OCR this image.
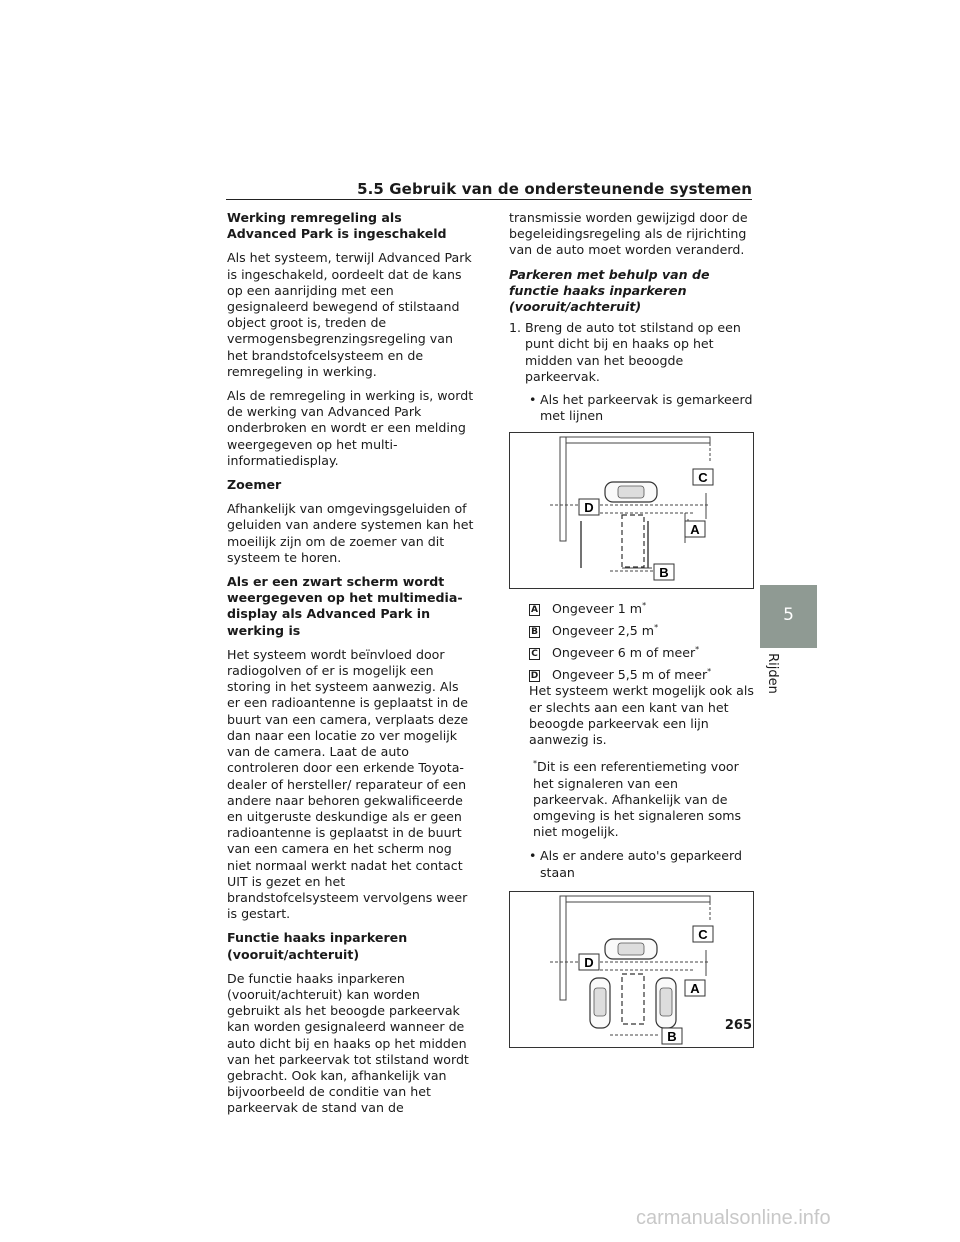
5.5 Gebruik van de ondersteunende systemen
Werking remregeling als Advanced Park is ingeschakeld

Als het systeem, terwijl Advanced Park is ingeschakeld, oordeelt dat de kans op een aanrijding met een gesignaleerd bewegend of stilstaand object groot is, treden de vermogensbegrenzingsregeling van het brandstofcelsysteem en de remregeling in werking.

Als de remregeling in werking is, wordt de werking van Advanced Park onderbroken en wordt er een melding weergegeven op het multi-informatiedisplay.

Zoemer

Afhankelijk van omgevingsgeluiden of geluiden van andere systemen kan het moeilijk zijn om de zoemer van dit systeem te horen.

Als er een zwart scherm wordt weergegeven op het multimedia-display als Advanced Park in werking is

Het systeem wordt beïnvloed door radiogolven of er is mogelijk een storing in het systeem aanwezig. Als er een radioantenne is geplaatst in de buurt van een camera, verplaats deze dan naar een locatie zo ver mogelijk van de camera. Laat de auto controleren door een erkende Toyota-dealer of hersteller/ reparateur of een andere naar behoren gekwalificeerde en uitgeruste deskundige als er geen radioantenne is geplaatst in de buurt van een camera en het scherm nog niet normaal werkt nadat het contact UIT is gezet en het brandstofcelsysteem vervolgens weer is gestart.

Functie haaks inparkeren (vooruit/achteruit)

De functie haaks inparkeren (vooruit/achteruit) kan worden gebruikt als het beoogde parkeervak kan worden gesignaleerd wanneer de auto dicht bij en haaks op het midden van het parkeervak tot stilstand wordt gebracht. Ook kan, afhankelijk van bijvoorbeeld de conditie van het parkeervak de stand van de

transmissie worden gewijzigd door de begeleidingsregeling als de rijrichting van de auto moet worden veranderd.

Parkeren met behulp van de functie haaks inparkeren (vooruit/achteruit)
1. Breng de auto tot stilstand op een punt dicht bij en haaks op het midden van het beoogde parkeervak.
• Als het parkeervak is gemarkeerd met lijnen
C
D
A
B
A Ongeveer 1 m*
B Ongeveer 2,5 m*
C Ongeveer 6 m of meer*
D Ongeveer 5,5 m of meer*

Het systeem werkt mogelijk ook als er slechts aan een kant van het beoogde parkeervak een lijn aanwezig is.

*Dit is een referentiemeting voor het signaleren van een parkeervak. Afhankelijk van de omgeving is het signaleren soms niet mogelijk.

• Als er andere auto's geparkeerd staan
C
D
A
B
5
Rijden
265
carmanualsonline.info
